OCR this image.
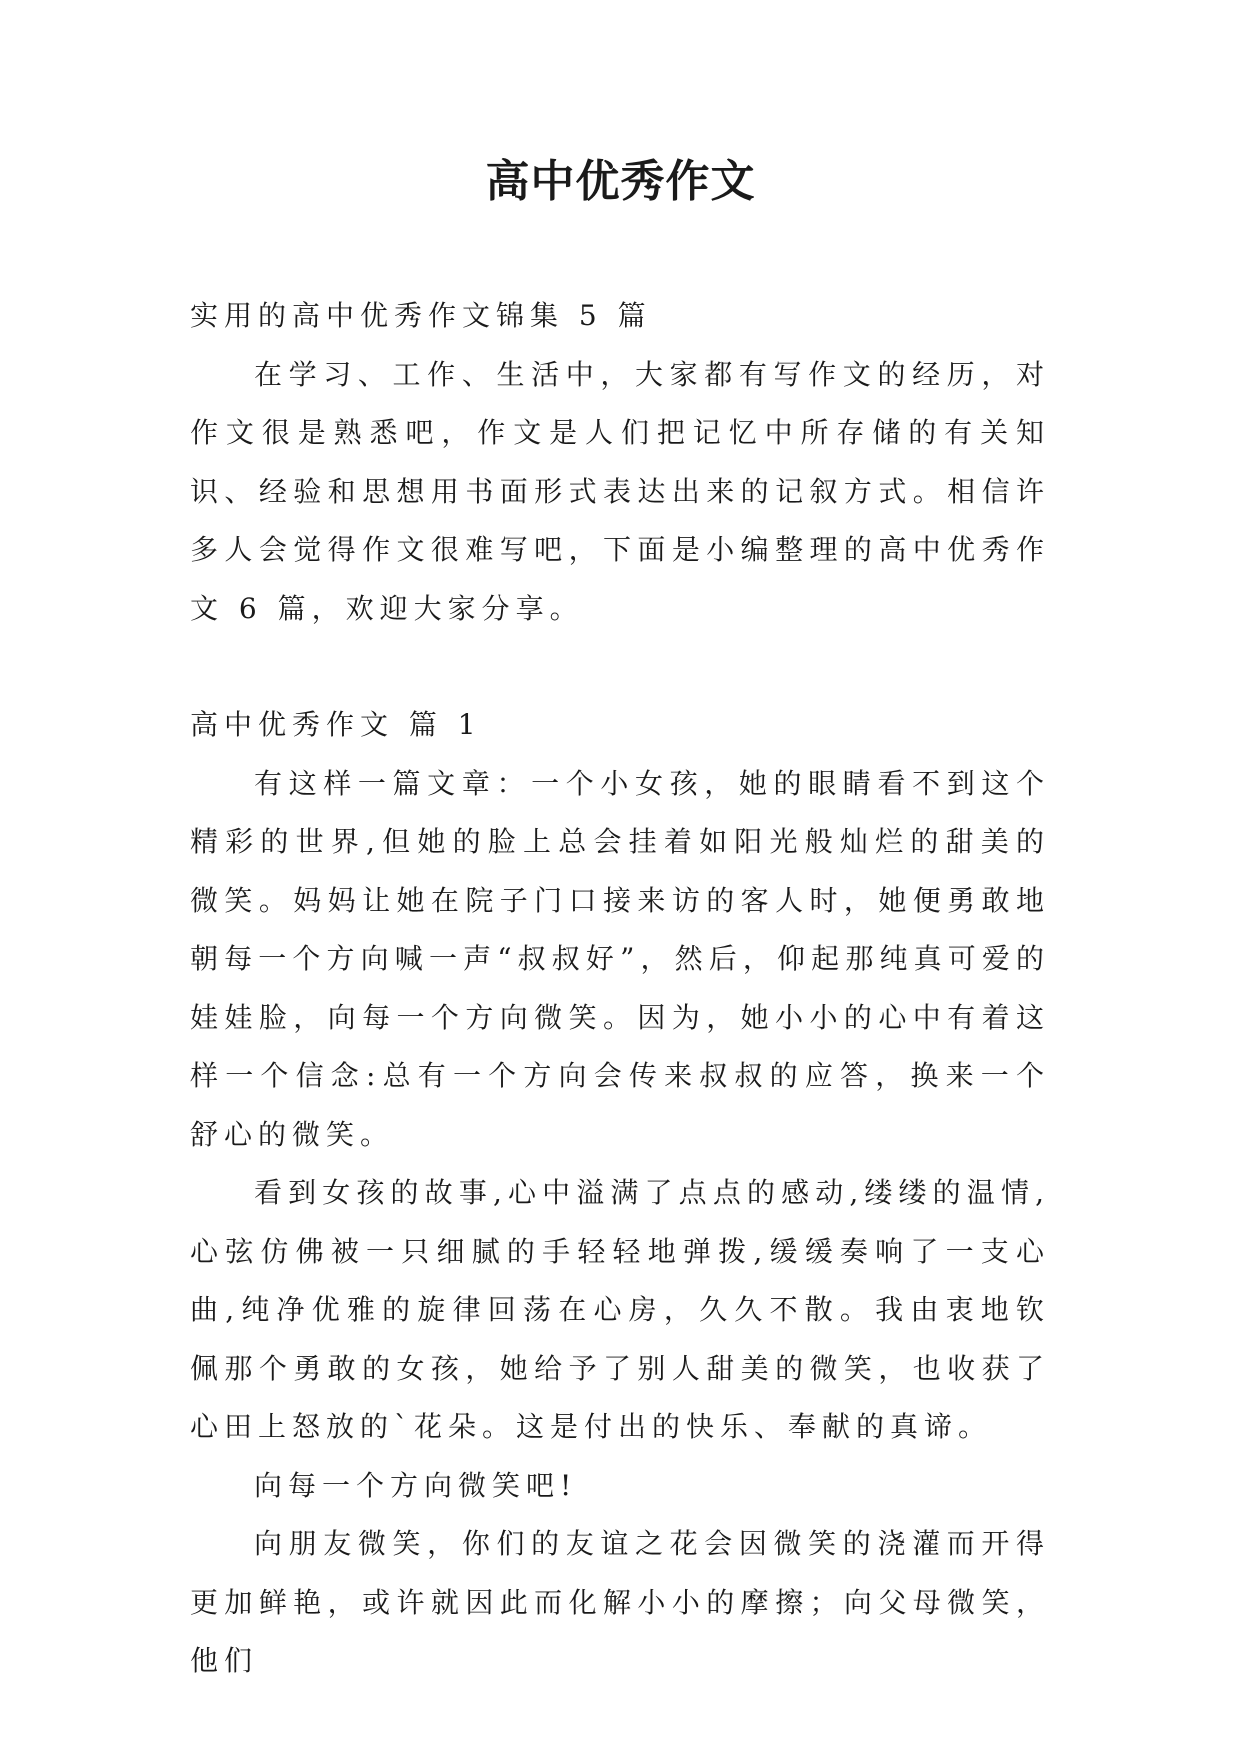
高中优秀作文

实用的高中优秀作文锦集 5 篇

在学习、工作、生活中，大家都有写作文的经历，对作文很是熟悉吧，作文是人们把记忆中所存储的有关知识、经验和思想用书面形式表达出来的记叙方式。相信许多人会觉得作文很难写吧，下面是小编整理的高中优秀作文 6 篇，欢迎大家分享。

高中优秀作文 篇 1

有这样一篇文章：一个小女孩，她的眼睛看不到这个精彩的世界,但她的脸上总会挂着如阳光般灿烂的甜美的微笑。妈妈让她在院子门口接来访的客人时，她便勇敢地朝每一个方向喊一声“叔叔好”，然后，仰起那纯真可爱的娃娃脸，向每一个方向微笑。因为，她小小的心中有着这样一个信念:总有一个方向会传来叔叔的应答，换来一个舒心的微笑。

看到女孩的故事,心中溢满了点点的感动,缕缕的温情,心弦仿佛被一只细腻的手轻轻地弹拨,缓缓奏响了一支心曲,纯净优雅的旋律回荡在心房，久久不散。我由衷地钦佩那个勇敢的女孩，她给予了别人甜美的微笑，也收获了心田上怒放的`花朵。这是付出的快乐、奉献的真谛。

向每一个方向微笑吧!

向朋友微笑，你们的友谊之花会因微笑的浇灌而开得更加鲜艳，或许就因此而化解小小的摩擦；向父母微笑，他们
